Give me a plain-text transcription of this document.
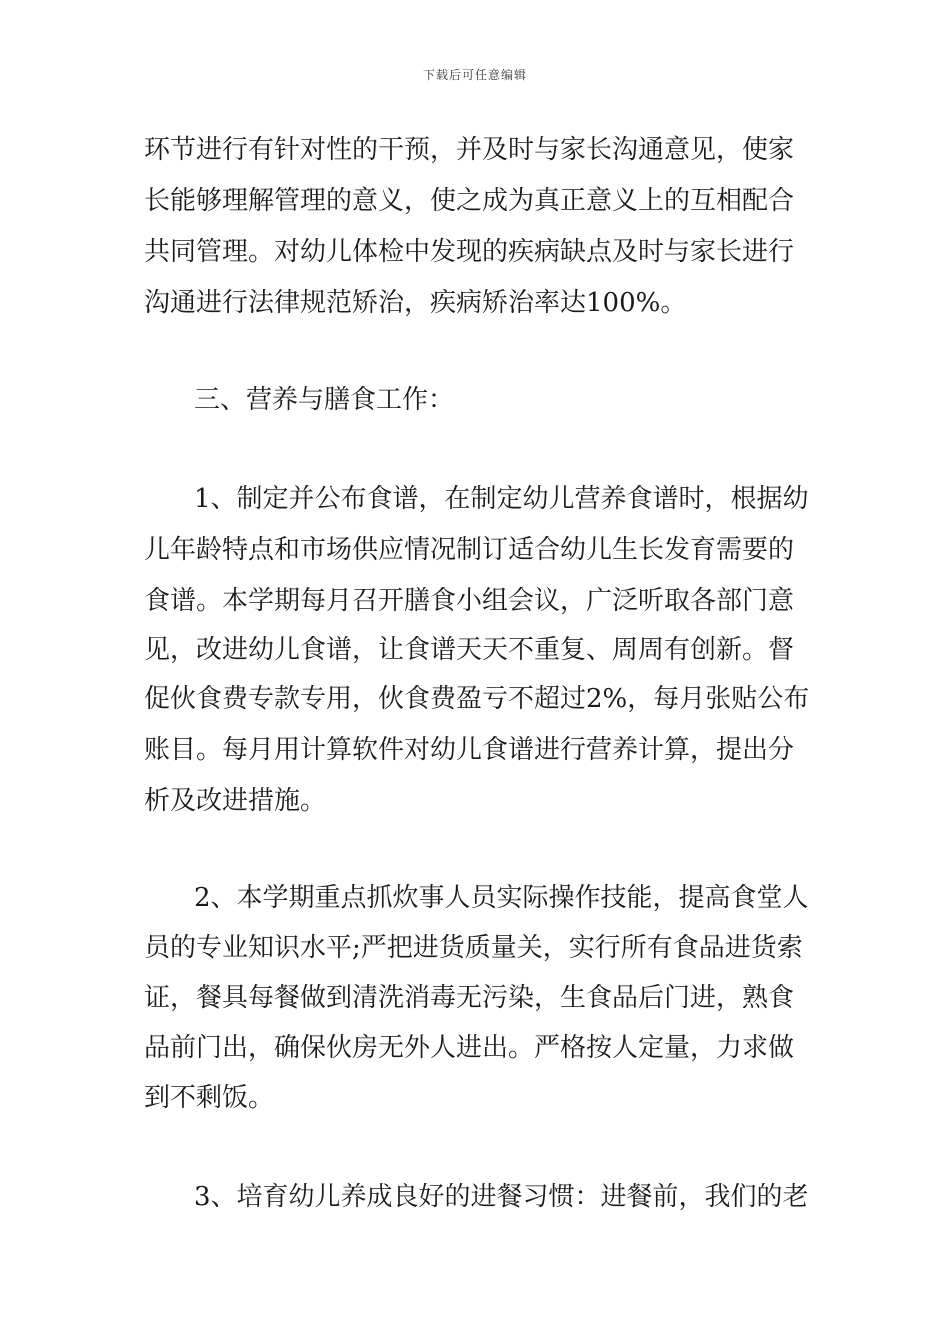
下载后可任意编辑
环节进行有针对性的干预，并及时与家长沟通意见，使家
长能够理解管理的意义，使之成为真正意义上的互相配合
共同管理。对幼儿体检中发现的疾病缺点及时与家长进行
沟通进行法律规范矫治，疾病矫治率达100%。
三、营养与膳食工作：
1、制定并公布食谱，在制定幼儿营养食谱时，根据幼
儿年龄特点和市场供应情况制订适合幼儿生长发育需要的
食谱。本学期每月召开膳食小组会议，广泛听取各部门意
见，改进幼儿食谱，让食谱天天不重复、周周有创新。督
促伙食费专款专用，伙食费盈亏不超过2%，每月张贴公布
账目。每月用计算软件对幼儿食谱进行营养计算，提出分
析及改进措施。
2、本学期重点抓炊事人员实际操作技能，提高食堂人
员的专业知识水平;严把进货质量关，实行所有食品进货索
证，餐具每餐做到清洗消毒无污染，生食品后门进，熟食
品前门出，确保伙房无外人进出。严格按人定量，力求做
到不剩饭。
3、培育幼儿养成良好的进餐习惯：进餐前，我们的老
